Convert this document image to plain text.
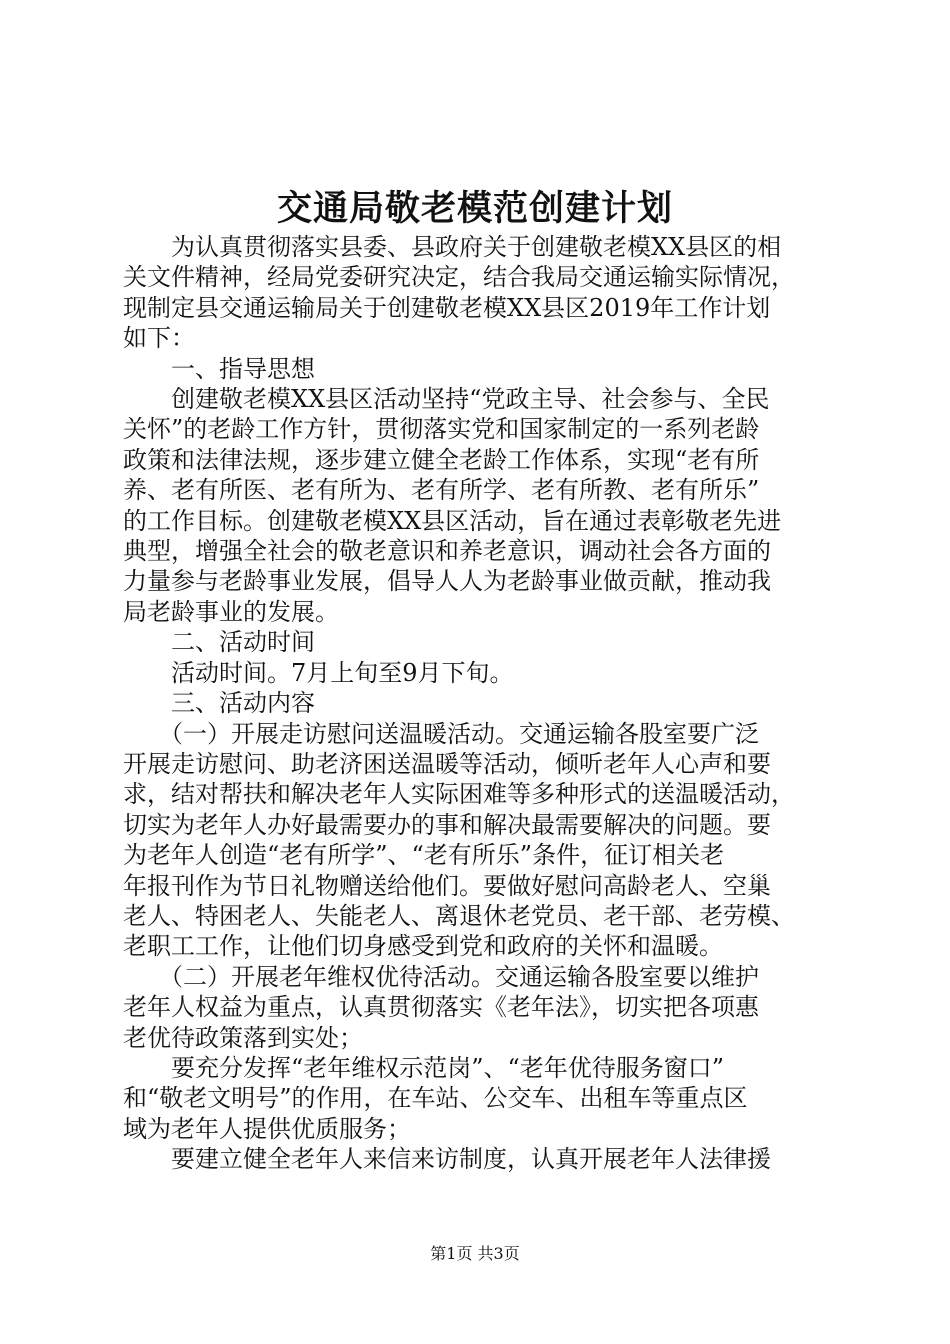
交通局敬老模范创建计划

　　为认真贯彻落实县委、县政府关于创建敬老模XX县区的相

关文件精神，经局党委研究决定，结合我局交通运输实际情况，

现制定县交通运输局关于创建敬老模XX县区2019年工作计划

如下：

　　一、指导思想

　　创建敬老模XX县区活动坚持“党政主导、社会参与、全民

关怀”的老龄工作方针，贯彻落实党和国家制定的一系列老龄

政策和法律法规，逐步建立健全老龄工作体系，实现“老有所

养、老有所医、老有所为、老有所学、老有所教、老有所乐”

的工作目标。创建敬老模XX县区活动，旨在通过表彰敬老先进

典型，增强全社会的敬老意识和养老意识，调动社会各方面的

力量参与老龄事业发展，倡导人人为老龄事业做贡献，推动我

局老龄事业的发展。

　　二、活动时间

　　活动时间。7月上旬至9月下旬。

　　三、活动内容

　　（一）开展走访慰问送温暖活动。交通运输各股室要广泛

开展走访慰问、助老济困送温暖等活动，倾听老年人心声和要

求，结对帮扶和解决老年人实际困难等多种形式的送温暖活动，

切实为老年人办好最需要办的事和解决最需要解决的问题。要

为老年人创造“老有所学”、“老有所乐”条件，征订相关老

年报刊作为节日礼物赠送给他们。要做好慰问高龄老人、空巢

老人、特困老人、失能老人、离退休老党员、老干部、老劳模、

老职工工作，让他们切身感受到党和政府的关怀和温暖。

　　（二）开展老年维权优待活动。交通运输各股室要以维护

老年人权益为重点，认真贯彻落实《老年法》，切实把各项惠

老优待政策落到实处；

　　要充分发挥“老年维权示范岗”、“老年优待服务窗口”

和“敬老文明号”的作用，在车站、公交车、出租车等重点区

域为老年人提供优质服务；

　　要建立健全老年人来信来访制度，认真开展老年人法律援

第1页 共3页
